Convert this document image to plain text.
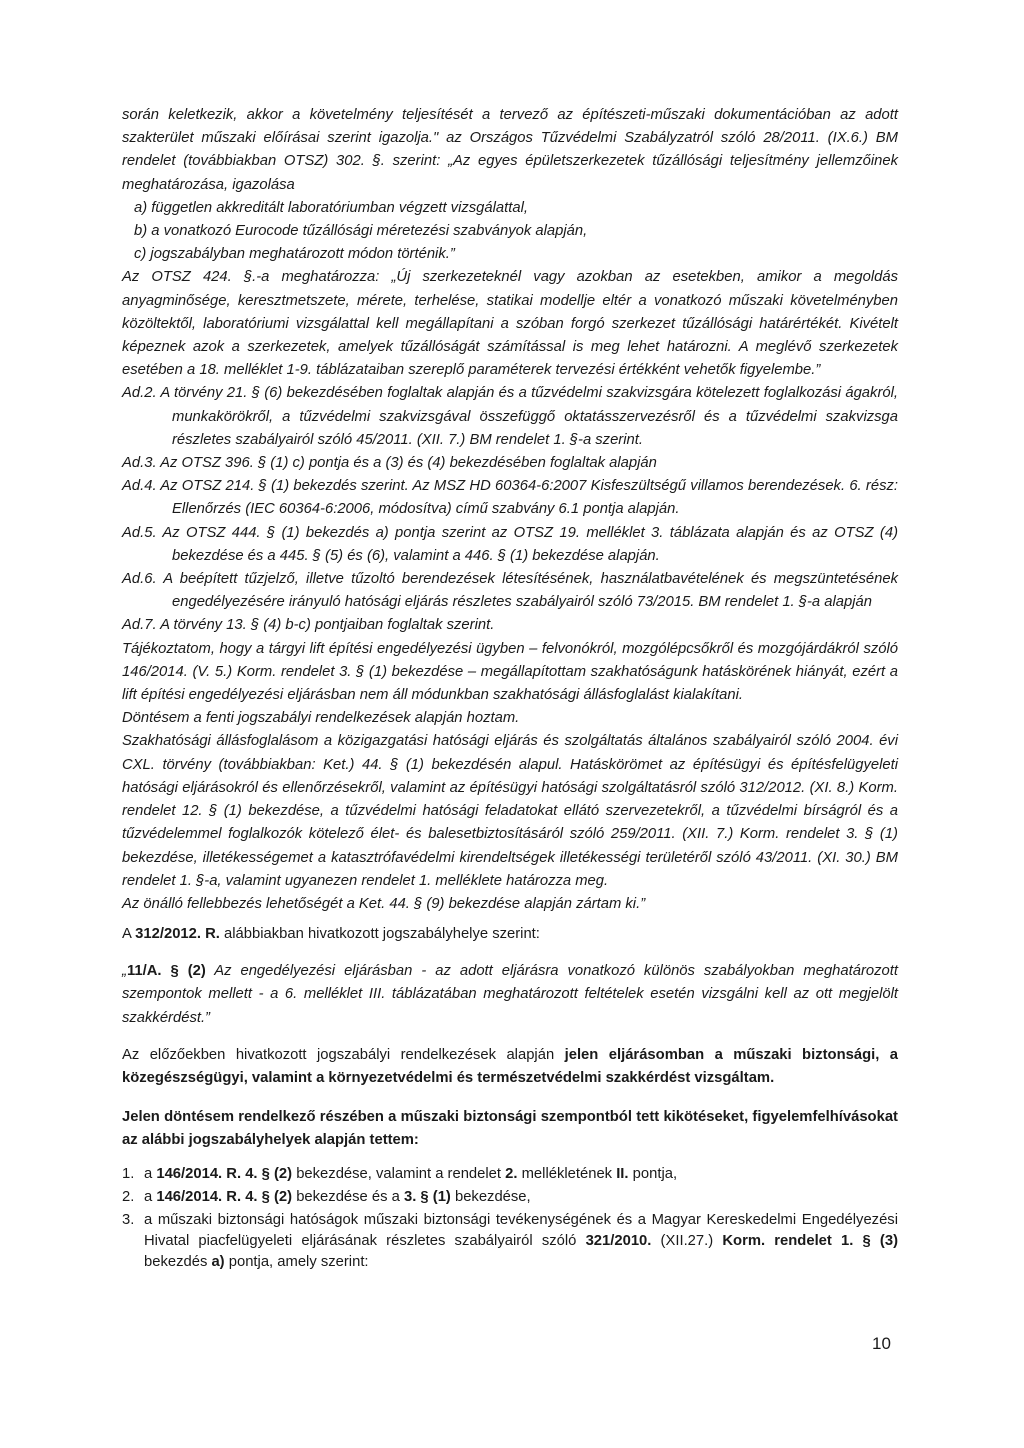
során keletkezik, akkor a követelmény teljesítését a tervező az építészeti-műszaki dokumentációban az adott szakterület műszaki előírásai szerint igazolja." az Országos Tűzvédelmi Szabályzatról szóló 28/2011. (IX.6.) BM rendelet (továbbiakban OTSZ) 302. §. szerint: „Az egyes épületszerkezetek tűzállósági teljesítmény jellemzőinek meghatározása, igazolása

a) független akkreditált laboratóriumban végzett vizsgálattal,

b) a vonatkozó Eurocode tűzállósági méretezési szabványok alapján,

c) jogszabályban meghatározott módon történik.”

Az OTSZ 424. §.-a meghatározza: „Új szerkezeteknél vagy azokban az esetekben, amikor a megoldás anyagminősége, keresztmetszete, mérete, terhelése, statikai modellje eltér a vonatkozó műszaki követelményben közöltektől, laboratóriumi vizsgálattal kell megállapítani a szóban forgó szerkezet tűzállósági határértékét. Kivételt képeznek azok a szerkezetek, amelyek tűzállóságát számítással is meg lehet határozni. A meglévő szerkezetek esetében a 18. melléklet 1-9. táblázataiban szereplő paraméterek tervezési értékként vehetők figyelembe.”

Ad.2. A törvény 21. § (6) bekezdésében foglaltak alapján és a tűzvédelmi szakvizsgára kötelezett foglalkozási ágakról, munkakörökről, a tűzvédelmi szakvizsgával összefüggő oktatásszervezésről és a tűzvédelmi szakvizsga részletes szabályairól szóló 45/2011. (XII. 7.) BM rendelet 1. §-a szerint.

Ad.3. Az OTSZ 396. § (1) c) pontja és a (3) és (4) bekezdésében foglaltak alapján

Ad.4. Az OTSZ 214. § (1) bekezdés szerint. Az MSZ HD 60364-6:2007 Kisfeszültségű villamos berendezések. 6. rész: Ellenőrzés (IEC 60364-6:2006, módosítva) című szabvány 6.1 pontja alapján.

Ad.5. Az OTSZ 444. § (1) bekezdés a) pontja szerint az OTSZ 19. melléklet 3. táblázata alapján és az OTSZ (4) bekezdése és a 445. § (5) és (6), valamint a 446. § (1) bekezdése alapján.

Ad.6. A beépített tűzjelző, illetve tűzoltó berendezések létesítésének, használatbavételének és megszüntetésének engedélyezésére irányuló hatósági eljárás részletes szabályairól szóló 73/2015. BM rendelet 1. §-a alapján

Ad.7. A törvény 13. § (4) b-c) pontjaiban foglaltak szerint.

Tájékoztatom, hogy a tárgyi lift építési engedélyezési ügyben – felvonókról, mozgólépcsőkről és mozgójárdákról szóló 146/2014. (V. 5.) Korm. rendelet 3. § (1) bekezdése – megállapítottam szakhatóságunk hatáskörének hiányát, ezért a lift építési engedélyezési eljárásban nem áll módunkban szakhatósági állásfoglalást kialakítani.

Döntésem a fenti jogszabályi rendelkezések alapján hoztam.

Szakhatósági állásfoglalásom a közigazgatási hatósági eljárás és szolgáltatás általános szabályairól szóló 2004. évi CXL. törvény (továbbiakban: Ket.) 44. § (1) bekezdésén alapul. Hatáskörömet az építésügyi és építésfelügyeleti hatósági eljárásokról és ellenőrzésekről, valamint az építésügyi hatósági szolgáltatásról szóló 312/2012. (XI. 8.) Korm. rendelet 12. § (1) bekezdése, a tűzvédelmi hatósági feladatokat ellátó szervezetekről, a tűzvédelmi bírságról és a tűzvédelemmel foglalkozók kötelező élet- és balesetbiztosításáról szóló 259/2011. (XII. 7.) Korm. rendelet 3. § (1) bekezdése, illetékességemet a katasztrófavédelmi kirendeltségek illetékességi területéről szóló 43/2011. (XI. 30.) BM rendelet 1. §-a, valamint ugyanezen rendelet 1. melléklete határozza meg.

Az önálló fellebbezés lehetőségét a Ket. 44. § (9) bekezdése alapján zártam ki.”

A 312/2012. R. alábbiakban hivatkozott jogszabályhelye szerint:

„11/A. § (2) Az engedélyezési eljárásban - az adott eljárásra vonatkozó különös szabályokban meghatározott szempontok mellett - a 6. melléklet III. táblázatában meghatározott feltételek esetén vizsgálni kell az ott megjelölt szakkérdést.”

Az előzőekben hivatkozott jogszabályi rendelkezések alapján jelen eljárásomban a műszaki biztonsági, a közegészségügyi, valamint a környezetvédelmi és természetvédelmi szakkérdést vizsgáltam.

Jelen döntésem rendelkező részében a műszaki biztonsági szempontból tett kikötéseket, figyelemfelhívásokat az alábbi jogszabályhelyek alapján tettem:

1. a 146/2014. R. 4. § (2) bekezdése, valamint a rendelet 2. mellékletének II. pontja,
2. a 146/2014. R. 4. § (2) bekezdése és a 3. § (1) bekezdése,
3. a műszaki biztonsági hatóságok műszaki biztonsági tevékenységének és a Magyar Kereskedelmi Engedélyezési Hivatal piacfelügyeleti eljárásának részletes szabályairól szóló 321/2010. (XII.27.) Korm. rendelet 1. § (3) bekezdés a) pontja, amely szerint:
10
